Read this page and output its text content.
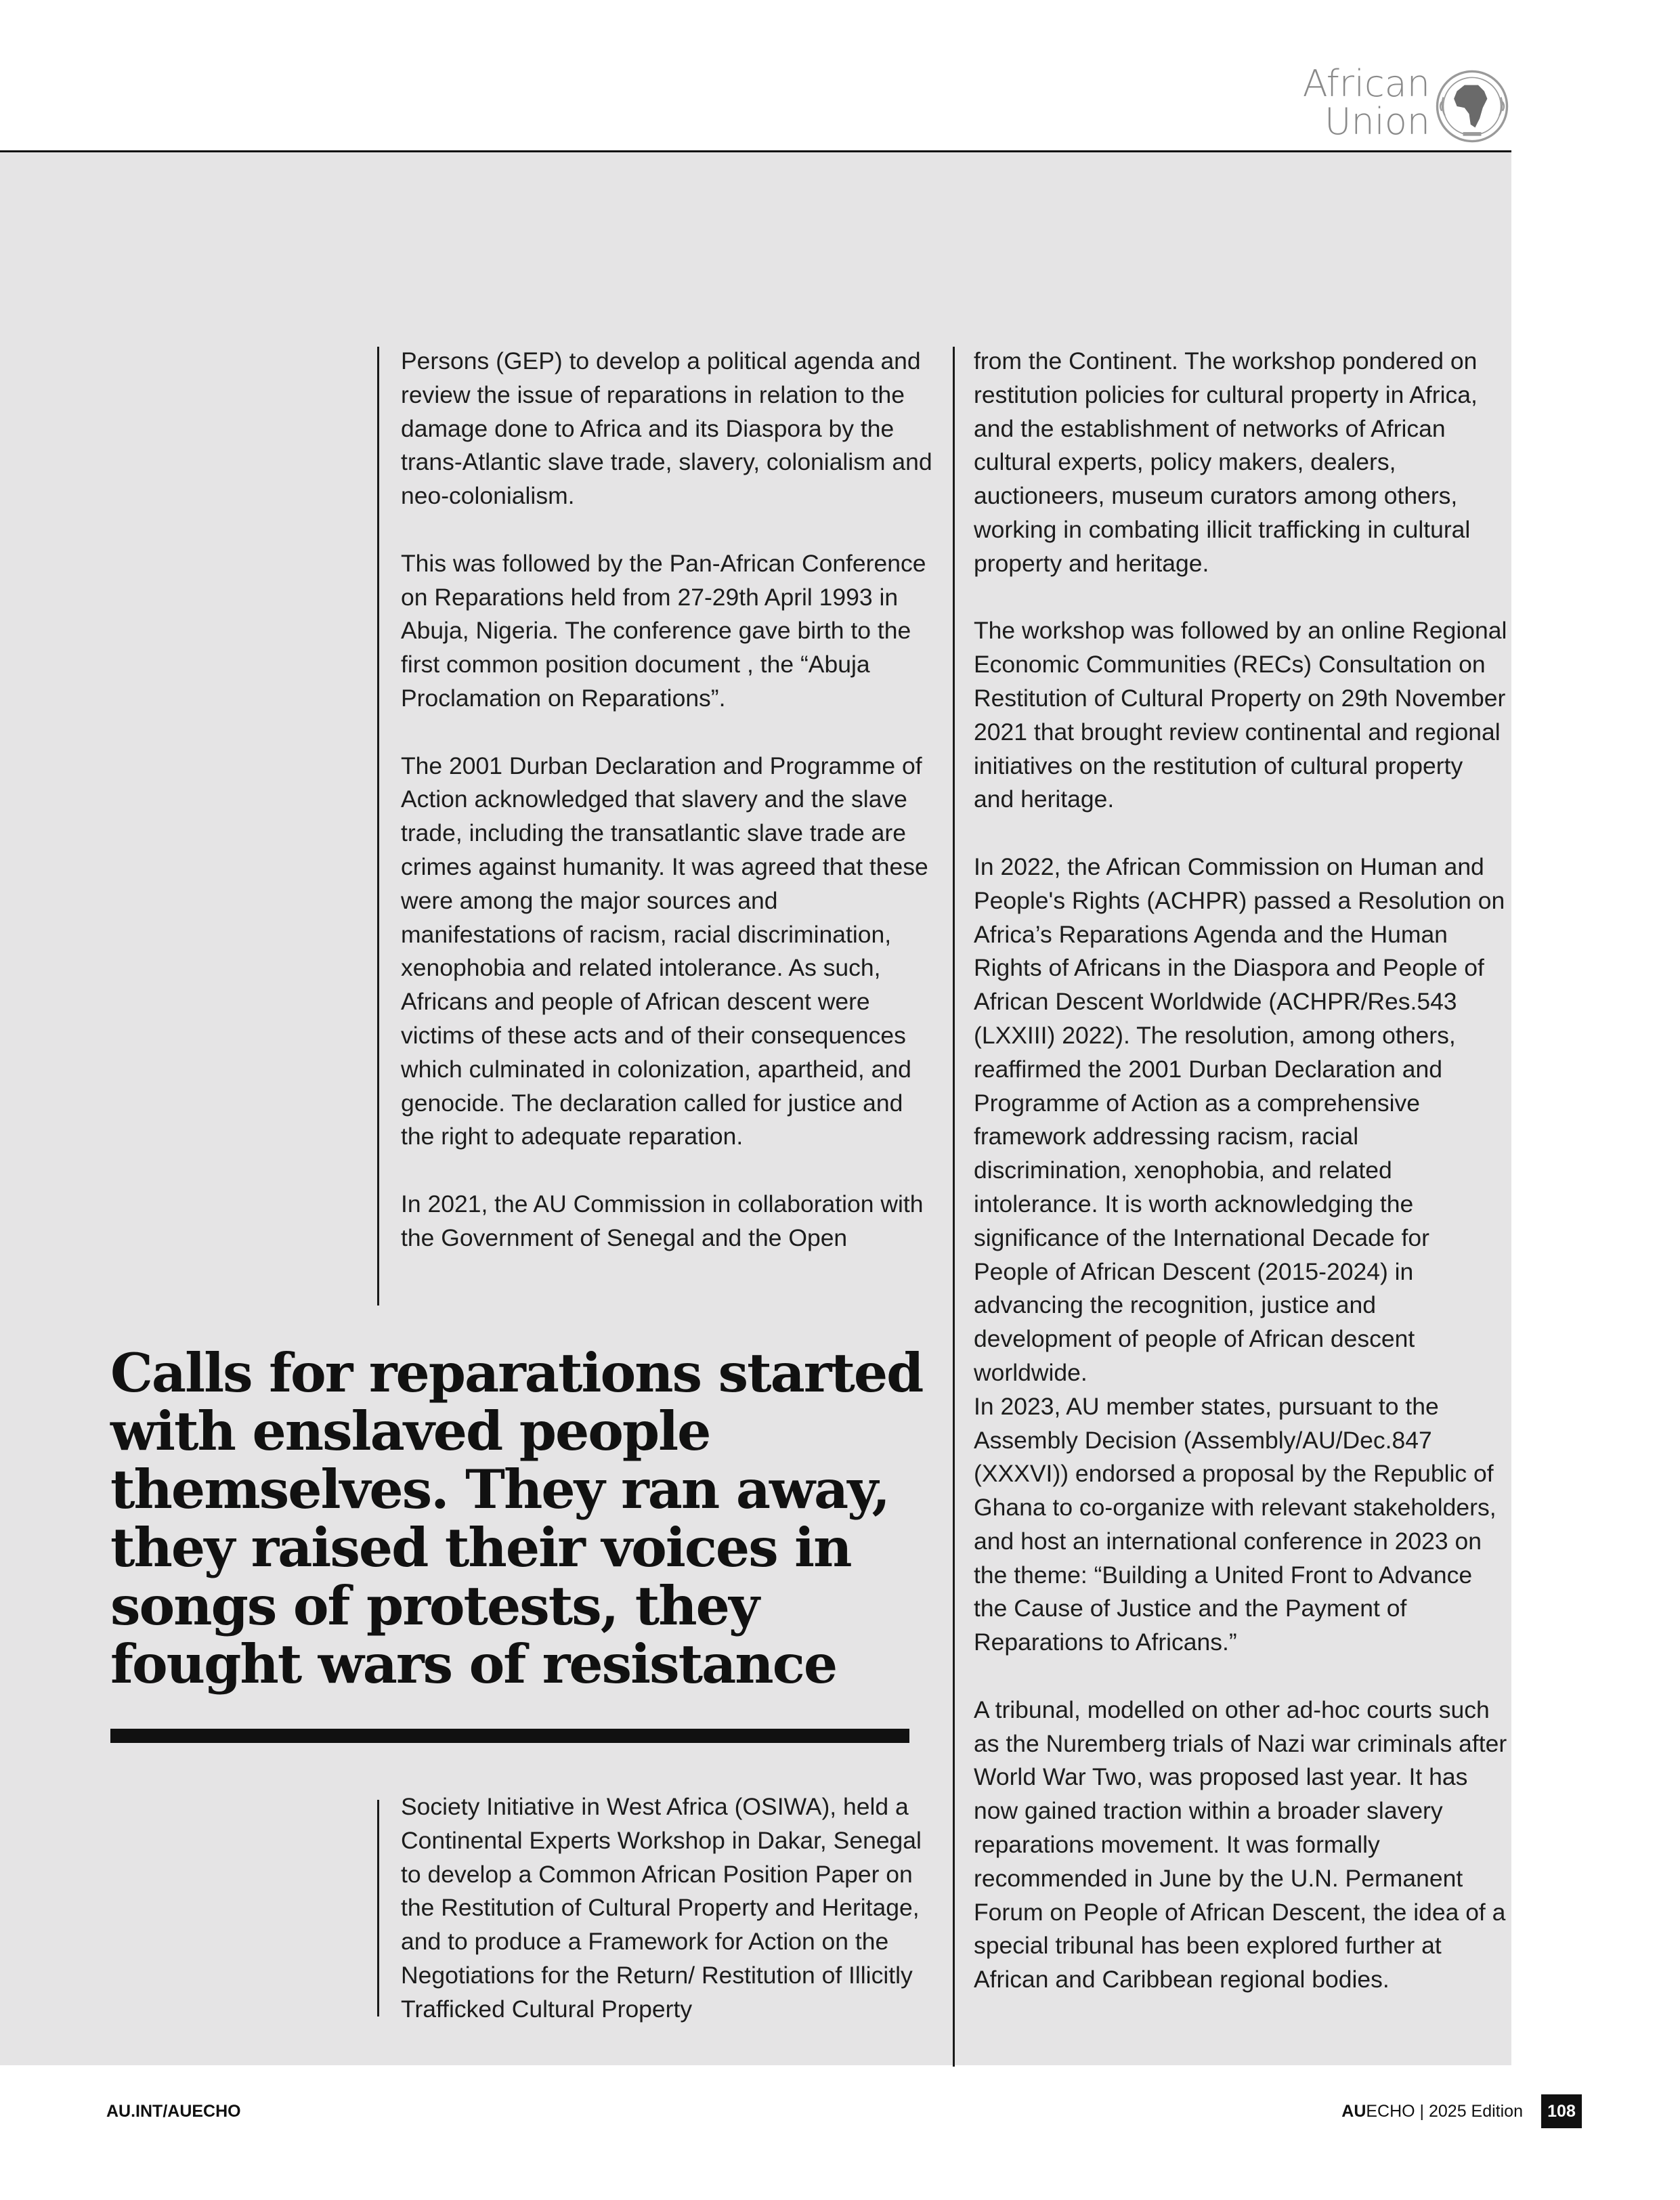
African
Union

Persons (GEP) to develop a political agenda and review the issue of reparations in relation to the damage done to Africa and its Diaspora by the trans-Atlantic slave trade, slavery, colonialism and neo-colonialism.

This was followed by the Pan-African Conference on Reparations held from 27-29th April 1993 in Abuja, Nigeria. The conference gave birth to the first common position document , the “Abuja Proclamation on Reparations”.

The 2001 Durban Declaration and Programme of Action acknowledged that slavery and the slave trade, including the transatlantic slave trade are crimes against humanity. It was agreed that these were among the major sources and manifestations of racism, racial discrimination, xenophobia and related intolerance. As such, Africans and people of African descent were victims of these acts and of their consequences which culminated in colonization, apartheid, and genocide. The declaration called for justice and the right to adequate reparation.

In 2021, the AU Commission in collaboration with the Government of Senegal and the Open

Calls for reparations started with enslaved people themselves. They ran away, they raised their voices in songs of protests, they fought wars of resistance

Society Initiative in West Africa (OSIWA), held a Continental Experts Workshop in Dakar, Senegal to develop a Common African Position Paper on the Restitution of Cultural Property and Heritage, and to produce a Framework for Action on the Negotiations for the Return/ Restitution of Illicitly Trafficked Cultural Property

from the Continent. The workshop pondered on restitution policies for cultural property in Africa, and the establishment of networks of African cultural experts, policy makers, dealers, auctioneers, museum curators among others, working in combating illicit trafficking in cultural property and heritage.

The workshop was followed by an online Regional Economic Communities (RECs) Consultation on Restitution of Cultural Property on 29th November 2021 that brought review continental and regional initiatives on the restitution of cultural property and heritage.

In 2022, the African Commission on Human and People's Rights (ACHPR) passed a Resolution on Africa’s Reparations Agenda and the Human Rights of Africans in the Diaspora and People of African Descent Worldwide (ACHPR/Res.543 (LXXIII) 2022). The resolution, among others, reaffirmed the 2001 Durban Declaration and Programme of Action as a comprehensive framework addressing racism, racial discrimination, xenophobia, and related intolerance. It is worth acknowledging the significance of the International Decade for People of African Descent (2015-2024) in advancing the recognition, justice and development of people of African descent worldwide.

In 2023, AU member states, pursuant to the Assembly Decision (Assembly/AU/Dec.847 (XXXVI)) endorsed a proposal by the Republic of Ghana to co-organize with relevant stakeholders, and host an international conference in 2023 on the theme: “Building a United Front to Advance the Cause of Justice and the Payment of Reparations to Africans.”

A tribunal, modelled on other ad-hoc courts such as the Nuremberg trials of Nazi war criminals after World War Two, was proposed last year. It has now gained traction within a broader slavery reparations movement. It was formally recommended in June by the U.N. Permanent Forum on People of African Descent, the idea of a special tribunal has been explored further at African and Caribbean regional bodies.

AU.INT/AUECHO	AUECHO | 2025 Edition	108
